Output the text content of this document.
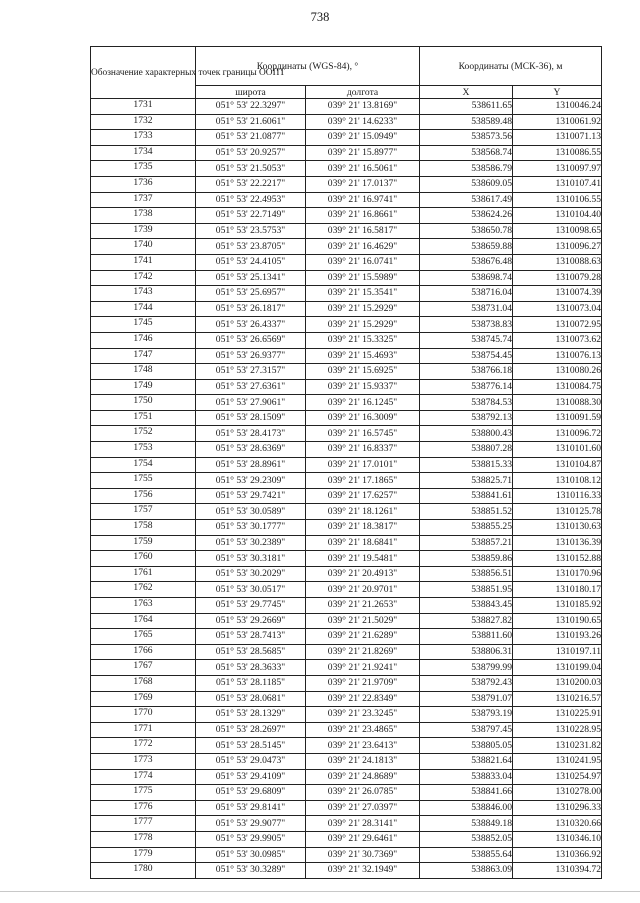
738
Обозначение характерных точек границы ООПТ	Координаты (WGS-84), °		Координаты (МСК-36), м	
	широта	долгота	X	Y
1731	051° 53' 22.3297"	039° 21' 13.8169"	538611.65	1310046.24
1732	051° 53' 21.6061"	039° 21' 14.6233"	538589.48	1310061.92
1733	051° 53' 21.0877"	039° 21' 15.0949"	538573.56	1310071.13
1734	051° 53' 20.9257"	039° 21' 15.8977"	538568.74	1310086.55
1735	051° 53' 21.5053"	039° 21' 16.5061"	538586.79	1310097.97
1736	051° 53' 22.2217"	039° 21' 17.0137"	538609.05	1310107.41
1737	051° 53' 22.4953"	039° 21' 16.9741"	538617.49	1310106.55
1738	051° 53' 22.7149"	039° 21' 16.8661"	538624.26	1310104.40
1739	051° 53' 23.5753"	039° 21' 16.5817"	538650.78	1310098.65
1740	051° 53' 23.8705"	039° 21' 16.4629"	538659.88	1310096.27
1741	051° 53' 24.4105"	039° 21' 16.0741"	538676.48	1310088.63
1742	051° 53' 25.1341"	039° 21' 15.5989"	538698.74	1310079.28
1743	051° 53' 25.6957"	039° 21' 15.3541"	538716.04	1310074.39
1744	051° 53' 26.1817"	039° 21' 15.2929"	538731.04	1310073.04
1745	051° 53' 26.4337"	039° 21' 15.2929"	538738.83	1310072.95
1746	051° 53' 26.6569"	039° 21' 15.3325"	538745.74	1310073.62
1747	051° 53' 26.9377"	039° 21' 15.4693"	538754.45	1310076.13
1748	051° 53' 27.3157"	039° 21' 15.6925"	538766.18	1310080.26
1749	051° 53' 27.6361"	039° 21' 15.9337"	538776.14	1310084.75
1750	051° 53' 27.9061"	039° 21' 16.1245"	538784.53	1310088.30
1751	051° 53' 28.1509"	039° 21' 16.3009"	538792.13	1310091.59
1752	051° 53' 28.4173"	039° 21' 16.5745"	538800.43	1310096.72
1753	051° 53' 28.6369"	039° 21' 16.8337"	538807.28	1310101.60
1754	051° 53' 28.8961"	039° 21' 17.0101"	538815.33	1310104.87
1755	051° 53' 29.2309"	039° 21' 17.1865"	538825.71	1310108.12
1756	051° 53' 29.7421"	039° 21' 17.6257"	538841.61	1310116.33
1757	051° 53' 30.0589"	039° 21' 18.1261"	538851.52	1310125.78
1758	051° 53' 30.1777"	039° 21' 18.3817"	538855.25	1310130.63
1759	051° 53' 30.2389"	039° 21' 18.6841"	538857.21	1310136.39
1760	051° 53' 30.3181"	039° 21' 19.5481"	538859.86	1310152.88
1761	051° 53' 30.2029"	039° 21' 20.4913"	538856.51	1310170.96
1762	051° 53' 30.0517"	039° 21' 20.9701"	538851.95	1310180.17
1763	051° 53' 29.7745"	039° 21' 21.2653"	538843.45	1310185.92
1764	051° 53' 29.2669"	039° 21' 21.5029"	538827.82	1310190.65
1765	051° 53' 28.7413"	039° 21' 21.6289"	538811.60	1310193.26
1766	051° 53' 28.5685"	039° 21' 21.8269"	538806.31	1310197.11
1767	051° 53' 28.3633"	039° 21' 21.9241"	538799.99	1310199.04
1768	051° 53' 28.1185"	039° 21' 21.9709"	538792.43	1310200.03
1769	051° 53' 28.0681"	039° 21' 22.8349"	538791.07	1310216.57
1770	051° 53' 28.1329"	039° 21' 23.3245"	538793.19	1310225.91
1771	051° 53' 28.2697"	039° 21' 23.4865"	538797.45	1310228.95
1772	051° 53' 28.5145"	039° 21' 23.6413"	538805.05	1310231.82
1773	051° 53' 29.0473"	039° 21' 24.1813"	538821.64	1310241.95
1774	051° 53' 29.4109"	039° 21' 24.8689"	538833.04	1310254.97
1775	051° 53' 29.6809"	039° 21' 26.0785"	538841.66	1310278.00
1776	051° 53' 29.8141"	039° 21' 27.0397"	538846.00	1310296.33
1777	051° 53' 29.9077"	039° 21' 28.3141"	538849.18	1310320.66
1778	051° 53' 29.9905"	039° 21' 29.6461"	538852.05	1310346.10
1779	051° 53' 30.0985"	039° 21' 30.7369"	538855.64	1310366.92
1780	051° 53' 30.3289"	039° 21' 32.1949"	538863.09	1310394.72
